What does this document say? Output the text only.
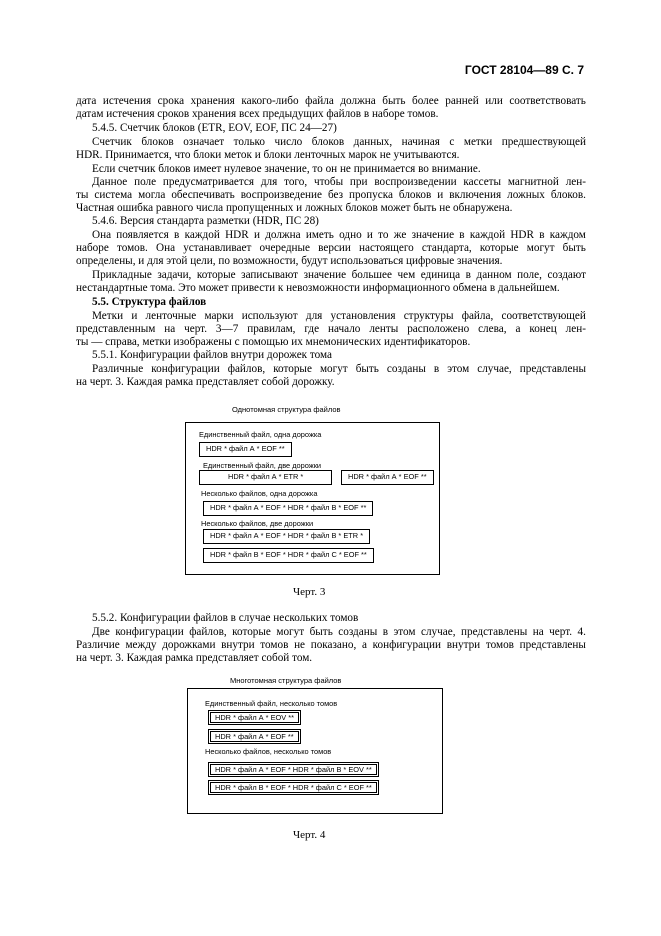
ГОСТ 28104—89 С. 7
дата истечения срока хранения какого-либо файла должна быть более ранней или соответствовать
датам истечения сроков хранения всех предыдущих файлов в наборе томов.
5.4.5. Счетчик блоков (ETR, EOV, EOF, ПС 24—27)
Счетчик блоков означает только число блоков данных, начиная с метки предшествующей
HDR. Принимается, что блоки меток и блоки ленточных марок не учитываются.
Если счетчик блоков имеет нулевое значение, то он не принимается во внимание.
Данное поле предусматривается для того, чтобы при воспроизведении кассеты магнитной лен-
ты система могла обеспечивать воспроизведение без пропуска блоков и включения ложных блоков.
Частная ошибка равного числа пропущенных и ложных блоков может быть не обнаружена.
5.4.6. Версия стандарта разметки (HDR, ПС 28)
Она появляется в каждой HDR и должна иметь одно и то же значение в каждой HDR в каждом
наборе томов. Она устанавливает очередные версии настоящего стандарта, которые могут быть
определены, и для этой цели, по возможности, будут использоваться цифровые значения.
Прикладные задачи, которые записывают значение большее чем единица в данном поле, создают
нестандартные тома. Это может привести к невозможности информационного обмена в дальнейшем.
5.5. Структура файлов
Метки и ленточные марки используют для установления структуры файла, соответствующей
представленным на черт. 3—7 правилам, где начало ленты расположено слева, а конец лен-
ты — справа, метки изображены с помощью их мнемонических идентификаторов.
5.5.1. Конфигурации файлов внутри дорожек тома
Различные конфигурации файлов, которые могут быть созданы в этом случае, представлены
на черт. 3. Каждая рамка представляет собой дорожку.
Однотомная структура файлов
Единственный файл, одна дорожка
HDR * файл А * EOF **
Единственный файл, две дорожки
HDR * файл А * ETR *	HDR * файл А * EOF **
Несколько файлов, одна дорожка
HDR * файл А * EOF * HDR * файл В * EOF **
Несколько файлов, две дорожки
HDR * файл А * EOF * HDR * файл В * ETR *
HDR * файл В * EOF * HDR * файл С * EOF **
Черт. 3
5.5.2. Конфигурации файлов в случае нескольких томов
Две конфигурации файлов, которые могут быть созданы в этом случае, представлены на черт. 4.
Различие между дорожками внутри томов не показано, а конфигурации внутри томов представлены
на черт. 3. Каждая рамка представляет собой том.
Многотомная структура файлов
Единственный файл, несколько томов
HDR * файл А * EOV **
HDR * файл А * EOF **
Несколько файлов, несколько томов
HDR * файл А * EOF * HDR * файл В * EOV **
HDR * файл В * EOF * HDR * файл С * EOF **
Черт. 4
